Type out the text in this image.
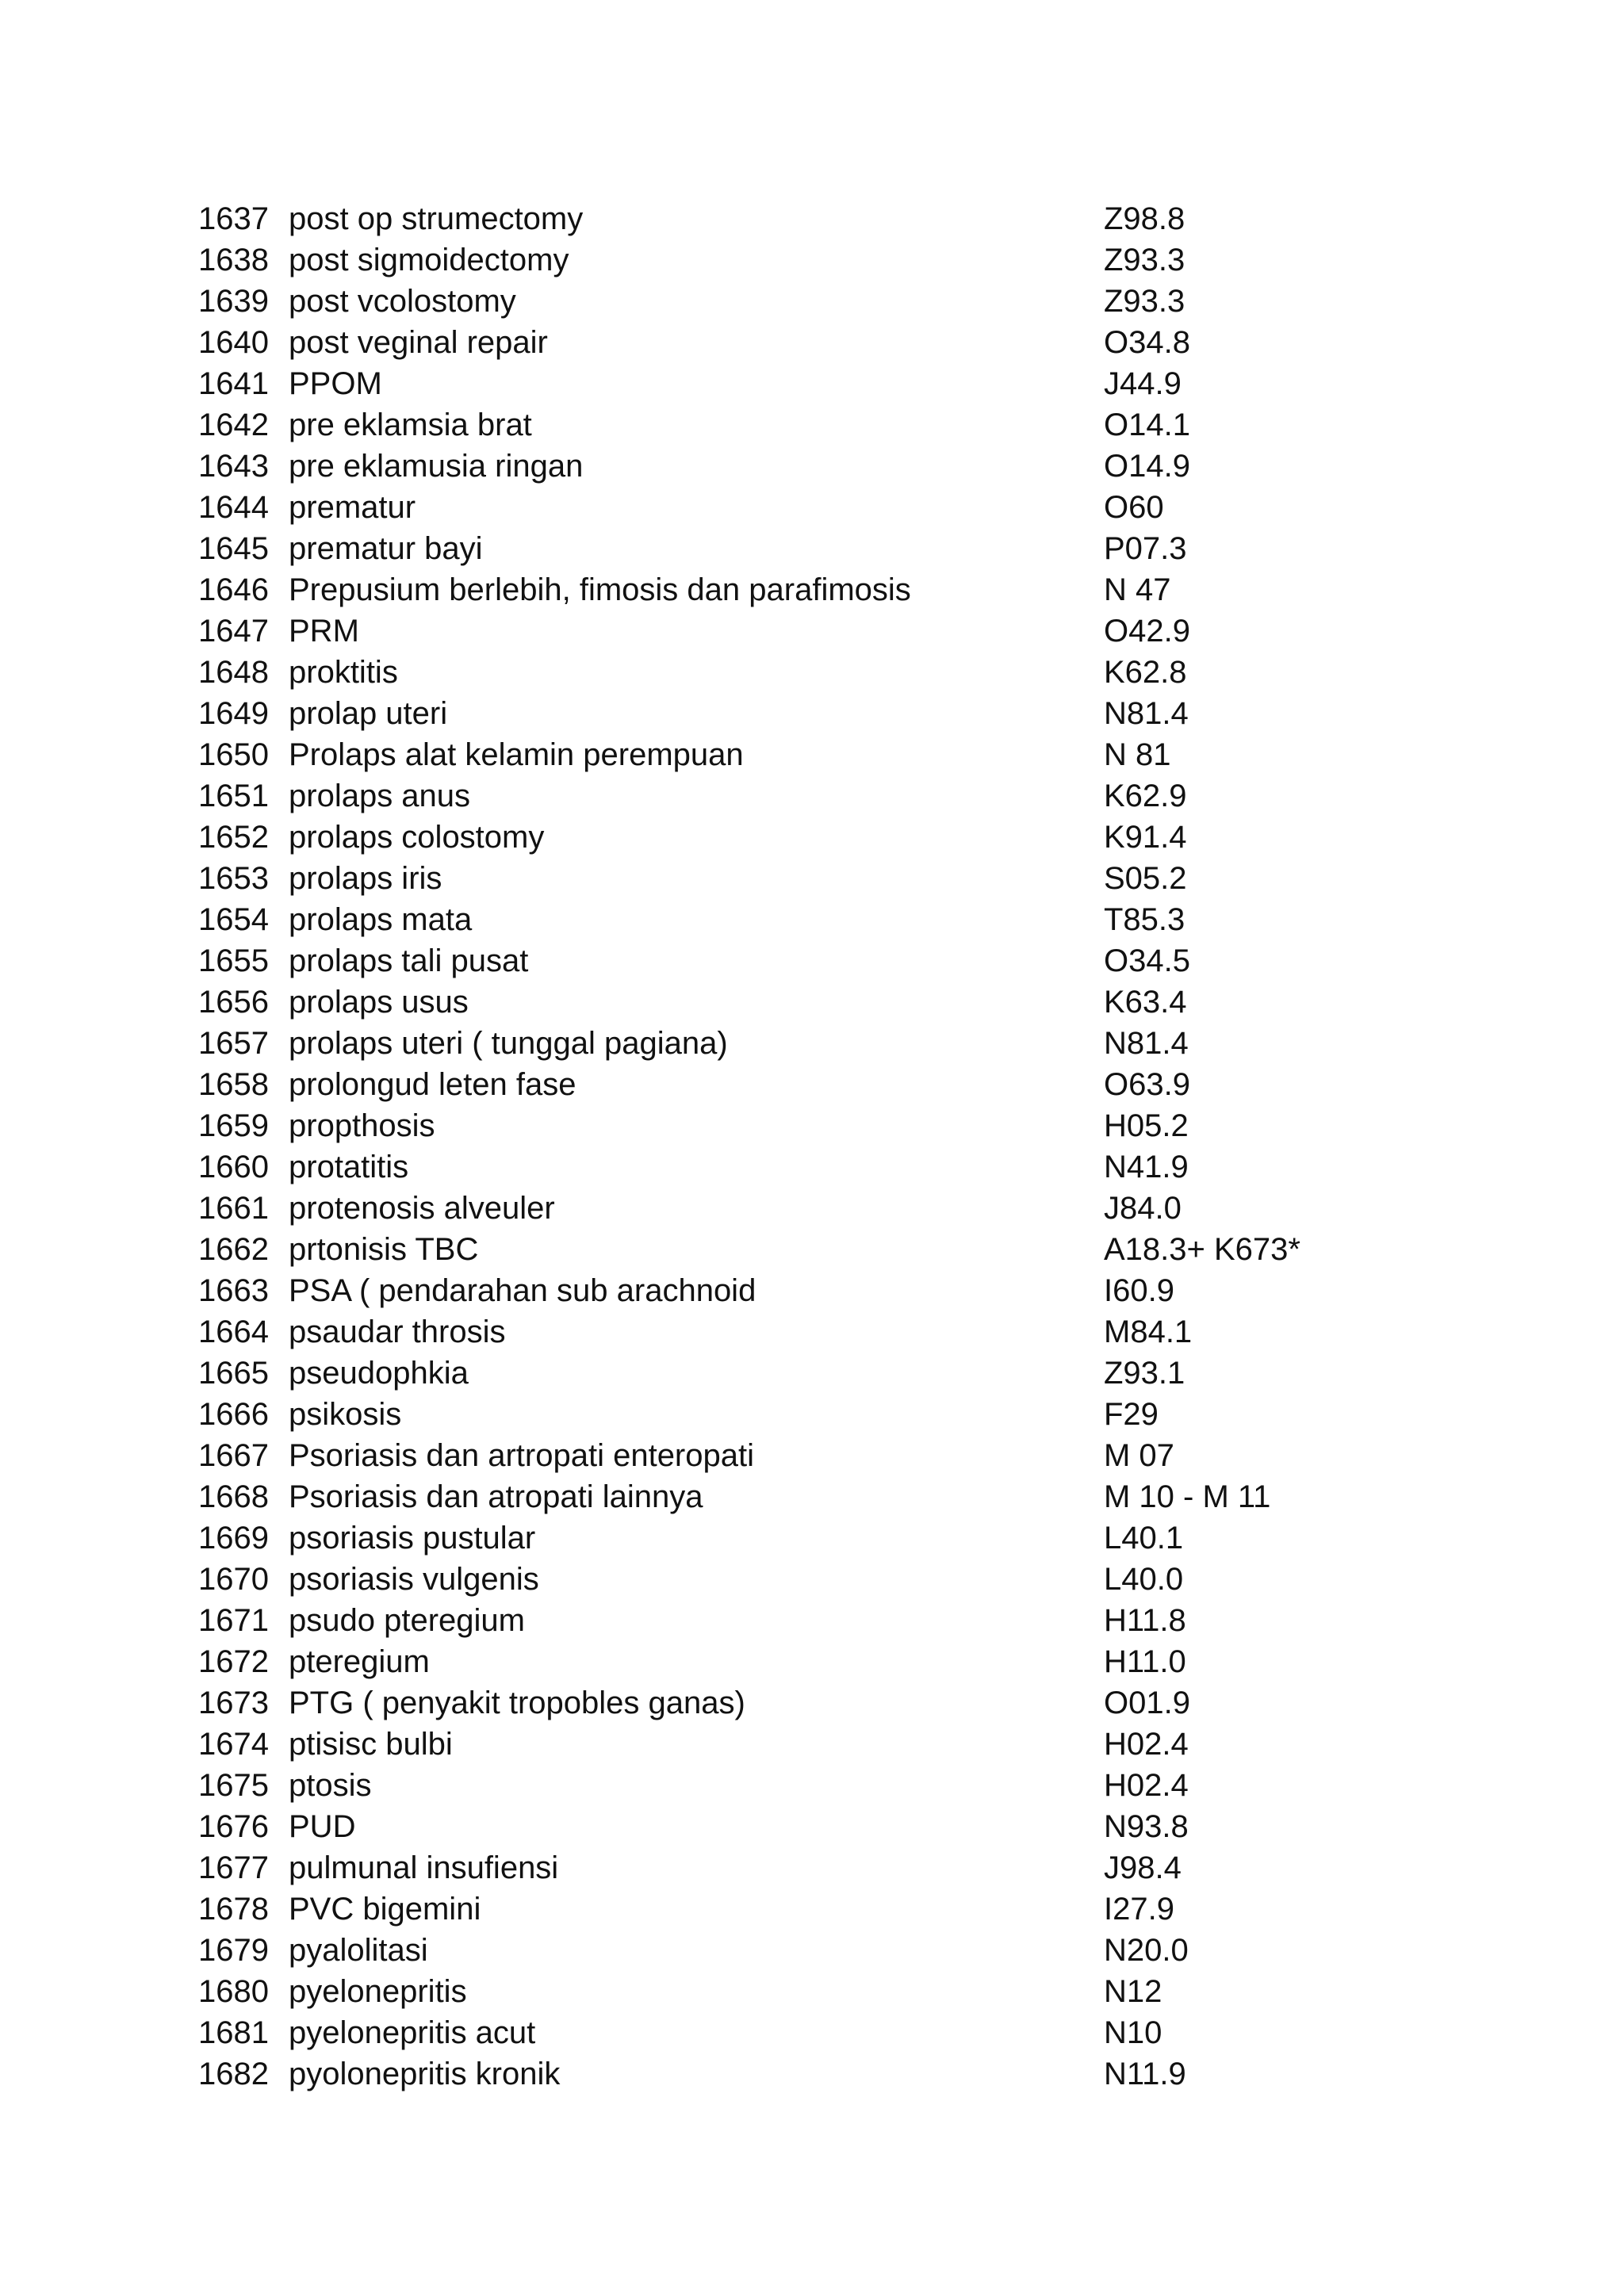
1637 post op strumectomy	Z98.8
1638 post sigmoidectomy	Z93.3
1639 post vcolostomy	Z93.3
1640 post veginal repair	O34.8
1641 PPOM	J44.9
1642 pre eklamsia brat	O14.1
1643 pre eklamusia ringan	O14.9
1644 prematur	O60
1645 prematur bayi	P07.3
1646 Prepusium berlebih, fimosis dan parafimosis	N 47
1647 PRM	O42.9
1648 proktitis	K62.8
1649 prolap uteri	N81.4
1650 Prolaps alat kelamin perempuan	N 81
1651 prolaps anus	K62.9
1652 prolaps colostomy	K91.4
1653 prolaps iris	S05.2
1654 prolaps mata	T85.3
1655 prolaps tali pusat	O34.5
1656 prolaps usus	K63.4
1657 prolaps uteri ( tunggal pagiana)	N81.4
1658 prolongud leten fase	O63.9
1659 propthosis	H05.2
1660 protatitis	N41.9
1661 protenosis alveuler	J84.0
1662 prtonisis TBC	A18.3+ K673*
1663 PSA ( pendarahan sub arachnoid	I60.9
1664 psaudar throsis	M84.1
1665 pseudophkia	Z93.1
1666 psikosis	F29
1667 Psoriasis dan artropati enteropati	M 07
1668 Psoriasis dan atropati lainnya	M 10 - M 11
1669 psoriasis pustular	L40.1
1670 psoriasis vulgenis	L40.0
1671 psudo pteregium	H11.8
1672 pteregium	H11.0
1673 PTG ( penyakit tropobles ganas)	O01.9
1674 ptisisc bulbi	H02.4
1675 ptosis	H02.4
1676 PUD	N93.8
1677 pulmunal insufiensi	J98.4
1678 PVC bigemini	I27.9
1679 pyalolitasi	N20.0
1680 pyelonepritis	N12
1681 pyelonepritis acut	N10
1682 pyolonepritis kronik	N11.9
